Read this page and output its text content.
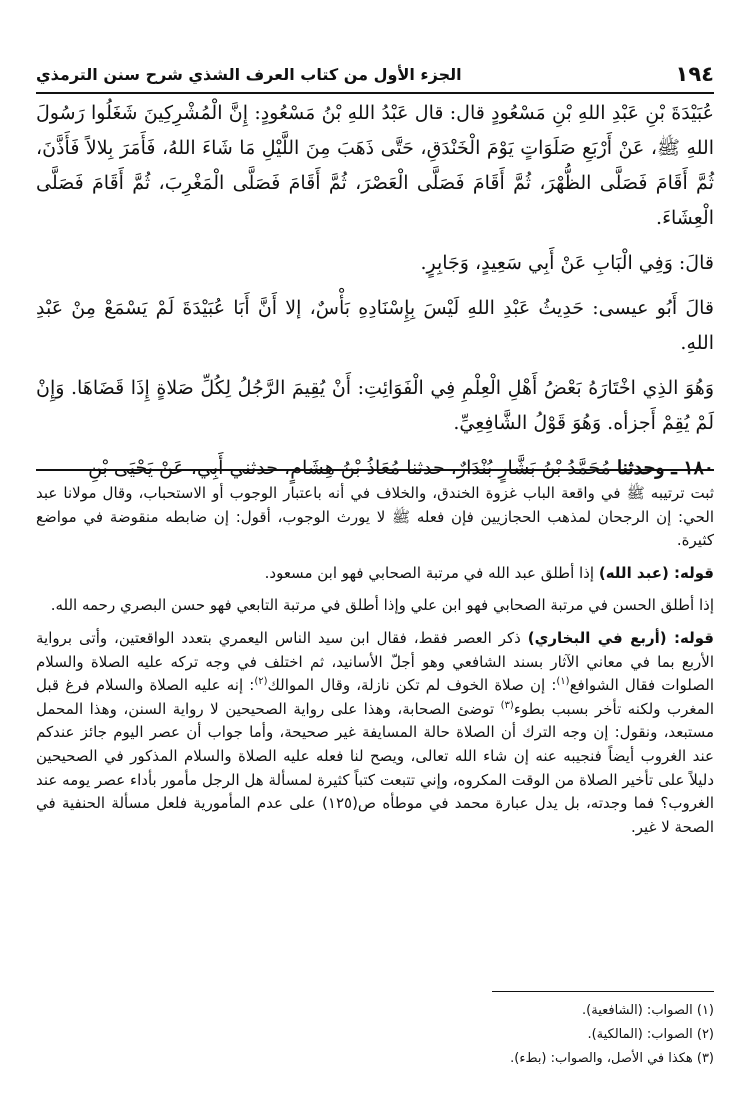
١٩٤
الجزء الأول من كتاب العرف الشذي شرح سنن الترمذي

عُبَيْدَةَ بْنِ عَبْدِ اللهِ بْنِ مَسْعُودٍ قال: قال عَبْدُ اللهِ بْنُ مَسْعُودٍ: إِنَّ الْمُشْرِكِينَ شَغَلُوا رَسُولَ اللهِ ﷺ، عَنْ أَرْبَعِ صَلَوَاتٍ يَوْمَ الْخَنْدَقِ، حَتَّى ذَهَبَ مِنَ اللَّيْلِ مَا شَاءَ اللهُ، فَأَمَرَ بِلالاً فَأَذَّنَ، ثُمَّ أَقَامَ فَصَلَّى الظُّهْرَ، ثُمَّ أَقَامَ فَصَلَّى الْعَصْرَ، ثُمَّ أَقَامَ فَصَلَّى الْمَغْرِبَ، ثُمَّ أَقَامَ فَصَلَّى الْعِشَاءَ.

قالَ: وَفِي الْبَابِ عَنْ أَبِي سَعِيدٍ، وَجَابِرٍ.

قالَ أَبُو عيسى: حَدِيثُ عَبْدِ اللهِ لَيْسَ بِإِسْنَادِهِ بَأْسٌ، إلا أَنَّ أَبَا عُبَيْدَةَ لَمْ يَسْمَعْ مِنْ عَبْدِ اللهِ.

وَهُوَ الذِي اخْتَارَهُ بَعْضُ أَهْلِ الْعِلْمِ فِي الْفَوَائِتِ: أَنْ يُقِيمَ الرَّجُلُ لِكُلِّ صَلاةٍ إِذَا قَضَاهَا. وَإِنْ لَمْ يُقِمْ أَجزأه. وَهُوَ قَوْلُ الشَّافِعِيِّ.

١٨٠ ـ وحدثنا مُحَمَّدُ بْنُ بَشَّارٍ بُنْدَارٌ، حدثنا مُعَاذُ بْنُ هِشَامٍ، حدثني أَبِي، عَنْ يَحْيَى بْنِ

ثبت ترتيبه ﷺ في واقعة الباب غزوة الخندق، والخلاف في أنه باعتبار الوجوب أو الاستحباب، وقال مولانا عبد الحي: إن الرجحان لمذهب الحجازيين فإن فعله ﷺ لا يورث الوجوب، أقول: إن ضابطه منقوضة في مواضع كثيرة.

قوله: (عبد الله) إذا أطلق عبد الله في مرتبة الصحابي فهو ابن مسعود.

إذا أطلق الحسن في مرتبة الصحابي فهو ابن علي وإذا أطلق في مرتبة التابعي فهو حسن البصري رحمه الله.

قوله: (أربع في البخاري) ذكر العصر فقط، فقال ابن سيد الناس اليعمري بتعدد الواقعتين، وأتى برواية الأربع بما في معاني الآثار بسند الشافعي وهو أجلّ الأسانيد، ثم اختلف في وجه تركه عليه الصلاة والسلام الصلوات فقال الشوافع$^{(١)}$: إن صلاة الخوف لم تكن نازلة، وقال الموالك$^{(٢)}$: إنه عليه الصلاة والسلام فرغ قبل المغرب ولكنه تأخر بسبب بطوء$^{(٣)}$ توضئ الصحابة، وهذا على رواية الصحيحين لا رواية السنن، وهذا المحمل مستبعد، ونقول: إن وجه الترك أن الصلاة حالة المسايفة غير صحيحة، وأما جواب أن عصر اليوم جائز عندكم عند الغروب أيضاً فنجيبه عنه إن شاء الله تعالى، ويصح لنا فعله عليه الصلاة والسلام المذكور في الصحيحين دليلاً على تأخير الصلاة من الوقت المكروه، وإني تتبعت كتباً كثيرة لمسألة هل الرجل مأمور بأداء عصر يومه عند الغروب؟ فما وجدته، بل يدل عبارة محمد في موطأه ص(١٢٥) على عدم المأمورية فلعل مسألة الحنفية في الصحة لا غير.

(١) الصواب: (الشافعية).

(٢) الصواب: (المالكية).

(٣) هكذا في الأصل، والصواب: (بطء).
